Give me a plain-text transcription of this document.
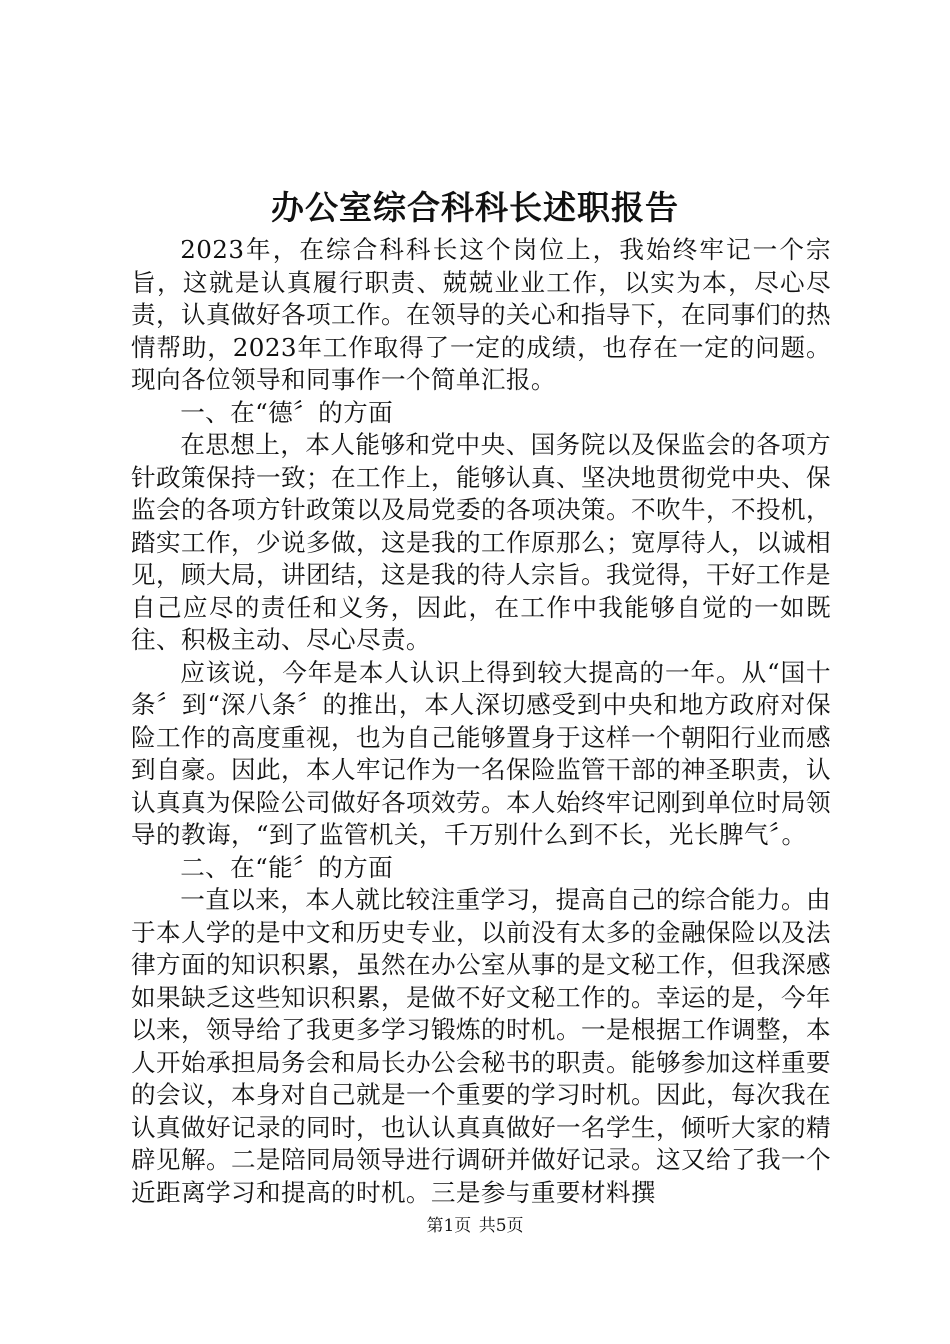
办公室综合科科长述职报告

2023年，在综合科科长这个岗位上，我始终牢记一个宗旨，这就是认真履行职责、兢兢业业工作，以实为本，尽心尽责，认真做好各项工作。在领导的关心和指导下，在同事们的热情帮助，2023年工作取得了一定的成绩，也存在一定的问题。现向各位领导和同事作一个简单汇报。

一、在“德〞的方面

在思想上，本人能够和党中央、国务院以及保监会的各项方针政策保持一致；在工作上，能够认真、坚决地贯彻党中央、保监会的各项方针政策以及局党委的各项决策。不吹牛，不投机，踏实工作，少说多做，这是我的工作原那么；宽厚待人，以诚相见，顾大局，讲团结，这是我的待人宗旨。我觉得，干好工作是自己应尽的责任和义务，因此，在工作中我能够自觉的一如既往、积极主动、尽心尽责。

应该说，今年是本人认识上得到较大提高的一年。从“国十条〞到“深八条〞的推出，本人深切感受到中央和地方政府对保险工作的高度重视，也为自己能够置身于这样一个朝阳行业而感到自豪。因此，本人牢记作为一名保险监管干部的神圣职责，认认真真为保险公司做好各项效劳。本人始终牢记刚到单位时局领导的教诲，“到了监管机关，千万别什么到不长，光长脾气〞。

二、在“能〞的方面

一直以来，本人就比较注重学习，提高自己的综合能力。由于本人学的是中文和历史专业，以前没有太多的金融保险以及法律方面的知识积累，虽然在办公室从事的是文秘工作，但我深感如果缺乏这些知识积累，是做不好文秘工作的。幸运的是，今年以来，领导给了我更多学习锻炼的时机。一是根据工作调整，本人开始承担局务会和局长办公会秘书的职责。能够参加这样重要的会议，本身对自己就是一个重要的学习时机。因此，每次我在认真做好记录的同时，也认认真真做好一名学生，倾听大家的精辟见解。二是陪同局领导进行调研并做好记录。这又给了我一个近距离学习和提高的时机。三是参与重要材料撰

第1页 共5页
